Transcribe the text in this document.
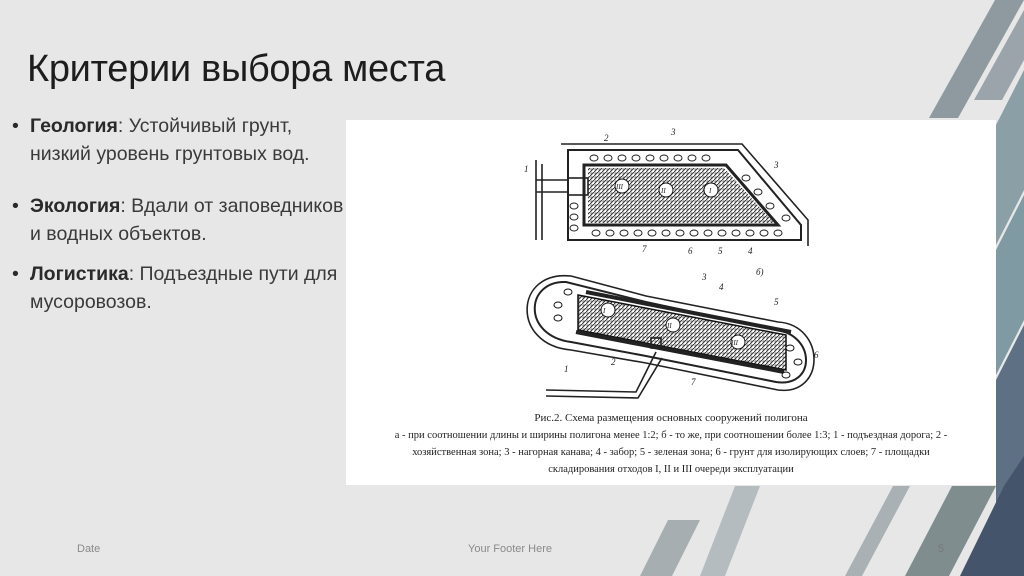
Критерии выбора места
• Геология: Устойчивый грунт, низкий уровень грунтовых вод.
• Экология: Вдали от заповедников и водных объектов.
• Логистика: Подъездные пути для мусоровозов.
1
2
3
3
7	6	5	4
III	II	I
б)
3
4
5
1
2
6
I
II
III
7
Рис.2. Схема размещения основных сооружений полигона
а - при соотношении длины и ширины полигона менее 1:2; б - то же, при соотношении более 1:3; 1 - подъездная дорога; 2 -
хозяйственная зона; 3 - нагорная канава; 4 - забор; 5 - зеленая зона; 6 - грунт для изолирующих слоев; 7 - площадки
складирования отходов I, II и III очереди эксплуатации
Date	Your Footer Here	5
